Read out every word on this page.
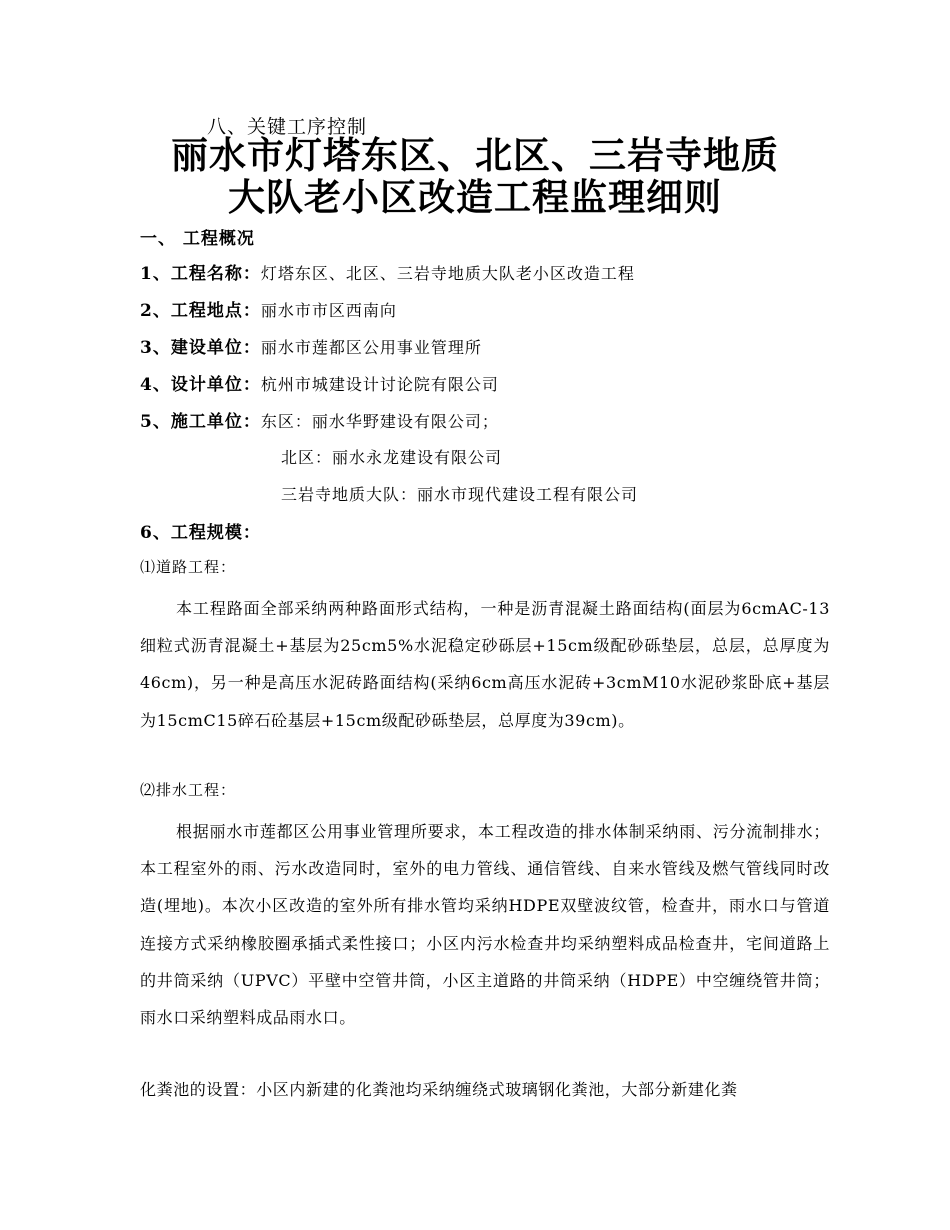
八、关键工序控制
丽水市灯塔东区、北区、三岩寺地质
大队老小区改造工程监理细则
一、 工程概况
1、工程名称：灯塔东区、北区、三岩寺地质大队老小区改造工程
2、工程地点：丽水市市区西南向
3、建设单位：丽水市莲都区公用事业管理所
4、设计单位：杭州市城建设计讨论院有限公司
5、施工单位：东区：丽水华野建设有限公司；
北区：丽水永龙建设有限公司
三岩寺地质大队：丽水市现代建设工程有限公司
6、工程规模：
⑴道路工程：
本工程路面全部采纳两种路面形式结构，一种是沥青混凝土路面结构(面层为6cmAC-13细粒式沥青混凝土+基层为25cm5%水泥稳定砂砾层+15cm级配砂砾垫层，总层，总厚度为46cm)，另一种是高压水泥砖路面结构(采纳6cm高压水泥砖+3cmM10水泥砂浆卧底+基层为15cmC15碎石砼基层+15cm级配砂砾垫层，总厚度为39cm)。
⑵排水工程：
根据丽水市莲都区公用事业管理所要求，本工程改造的排水体制采纳雨、污分流制排水；本工程室外的雨、污水改造同时，室外的电力管线、通信管线、自来水管线及燃气管线同时改造(埋地)。本次小区改造的室外所有排水管均采纳HDPE双壁波纹管，检查井，雨水口与管道连接方式采纳橡胶圈承插式柔性接口；小区内污水检查井均采纳塑料成品检查井，宅间道路上的井筒采纳（UPVC）平壁中空管井筒，小区主道路的井筒采纳（HDPE）中空缠绕管井筒；雨水口采纳塑料成品雨水口。
化粪池的设置：小区内新建的化粪池均采纳缠绕式玻璃钢化粪池，大部分新建化粪
